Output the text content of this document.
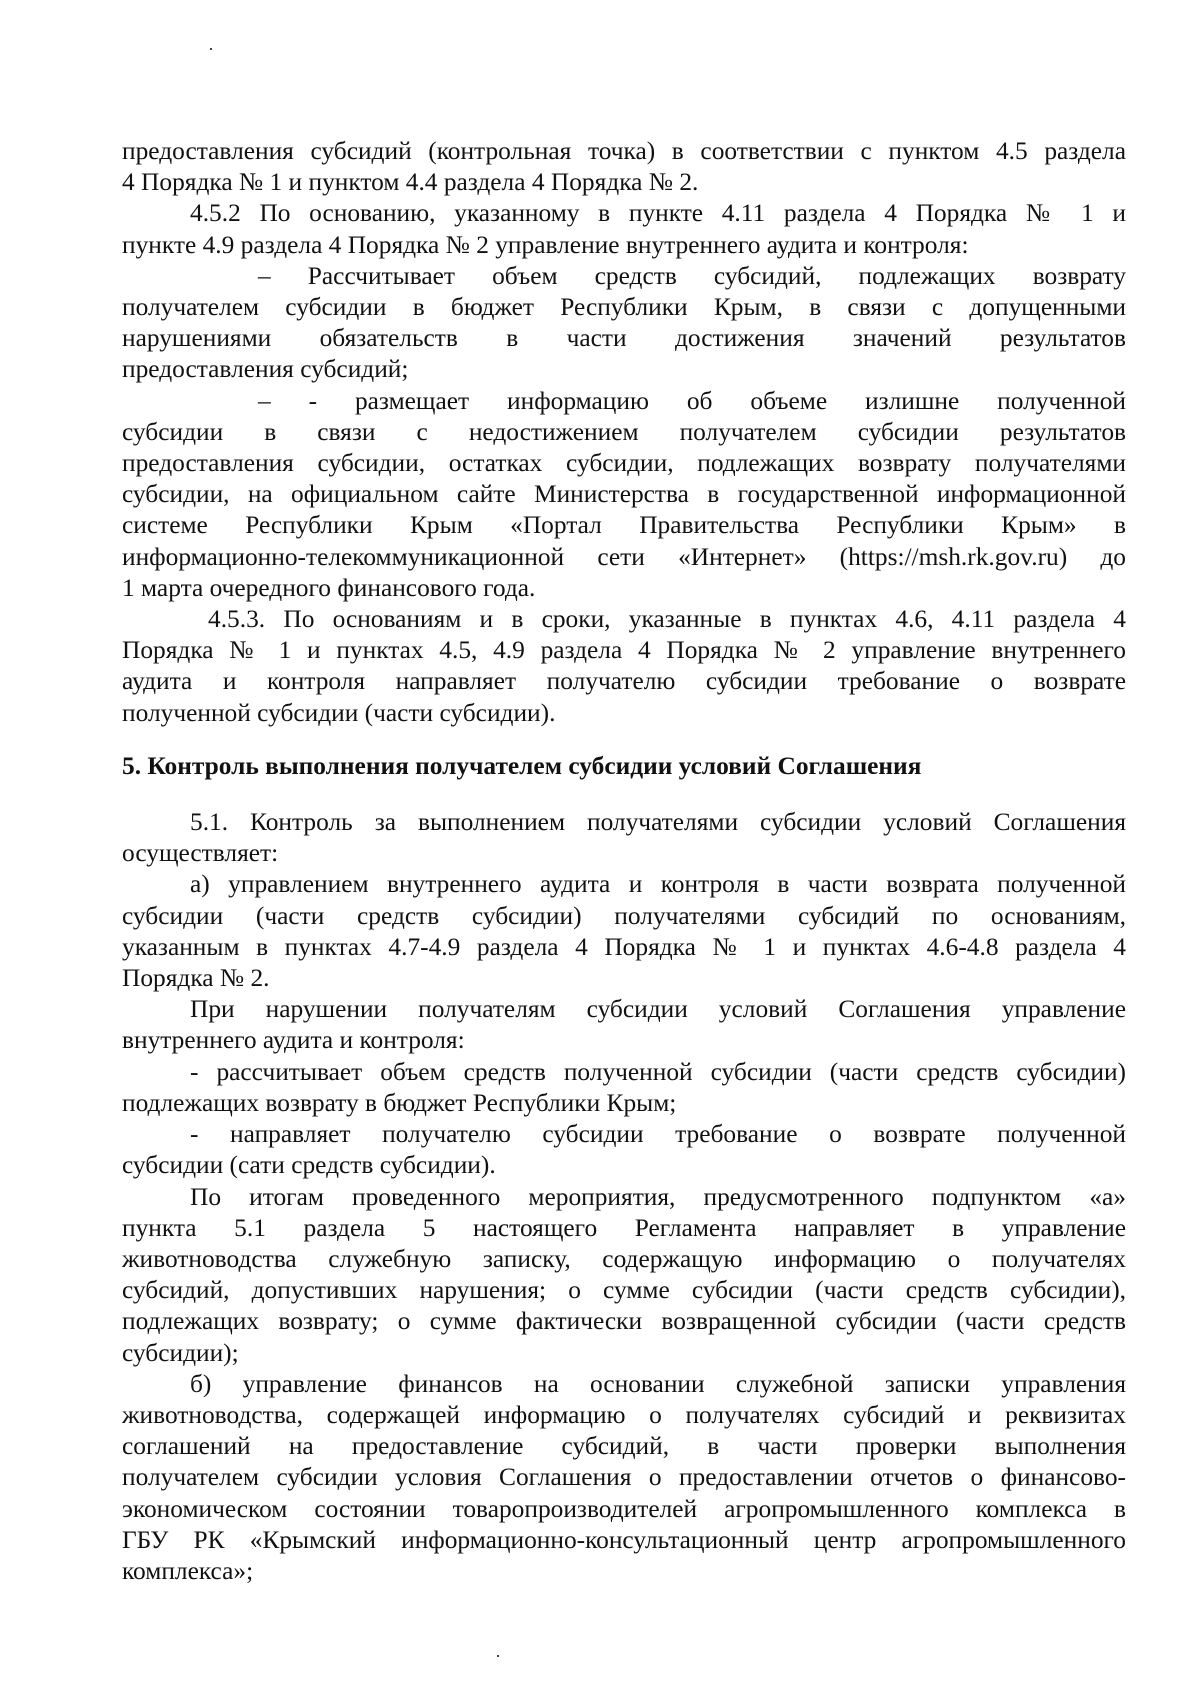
предоставления субсидий (контрольная точка) в соответствии с пунктом 4.5 раздела
4 Порядка № 1 и пунктом 4.4 раздела 4 Порядка № 2.

4.5.2 По основанию, указанному в пункте 4.11 раздела 4 Порядка № 1 и
пункте 4.9 раздела 4 Порядка № 2 управление внутреннего аудита и контроля:

– Рассчитывает объем средств субсидий, подлежащих возврату
получателем субсидии в бюджет Республики Крым, в связи с допущенными
нарушениями обязательств в части достижения значений результатов
предоставления субсидий;

– - размещает информацию об объеме излишне полученной
субсидии в связи с недостижением получателем субсидии результатов
предоставления субсидии, остатках субсидии, подлежащих возврату получателями
субсидии, на официальном сайте Министерства в государственной информационной
системе Республики Крым «Портал Правительства Республики Крым» в
информационно-телекоммуникационной сети «Интернет» (https://msh.rk.gov.ru) до
1 марта очередного финансового года.

4.5.3. По основаниям и в сроки, указанные в пунктах 4.6, 4.11 раздела 4
Порядка № 1 и пунктах 4.5, 4.9 раздела 4 Порядка № 2 управление внутреннего
аудита и контроля направляет получателю субсидии требование о возврате
полученной субсидии (части субсидии).

5. Контроль выполнения получателем субсидии условий Соглашения

5.1. Контроль за выполнением получателями субсидии условий Соглашения
осуществляет:

а) управлением внутреннего аудита и контроля в части возврата полученной
субсидии (части средств субсидии) получателями субсидий по основаниям,
указанным в пунктах 4.7-4.9 раздела 4 Порядка № 1 и пунктах 4.6-4.8 раздела 4
Порядка № 2.

При нарушении получателям субсидии условий Соглашения управление
внутреннего аудита и контроля:

- рассчитывает объем средств полученной субсидии (части средств субсидии)
подлежащих возврату в бюджет Республики Крым;

- направляет получателю субсидии требование о возврате полученной
субсидии (сати средств субсидии).

По итогам проведенного мероприятия, предусмотренного подпунктом «а»
пункта 5.1 раздела 5 настоящего Регламента направляет в управление
животноводства служебную записку, содержащую информацию о получателях
субсидий, допустивших нарушения; о сумме субсидии (части средств субсидии),
подлежащих возврату; о сумме фактически возвращенной субсидии (части средств
субсидии);

б) управление финансов на основании служебной записки управления
животноводства, содержащей информацию о получателях субсидий и реквизитах
соглашений на предоставление субсидий, в части проверки выполнения
получателем субсидии условия Соглашения о предоставлении отчетов о финансово-
экономическом состоянии товаропроизводителей агропромышленного комплекса в
ГБУ РК «Крымский информационно-консультационный центр агропромышленного
комплекса»;
